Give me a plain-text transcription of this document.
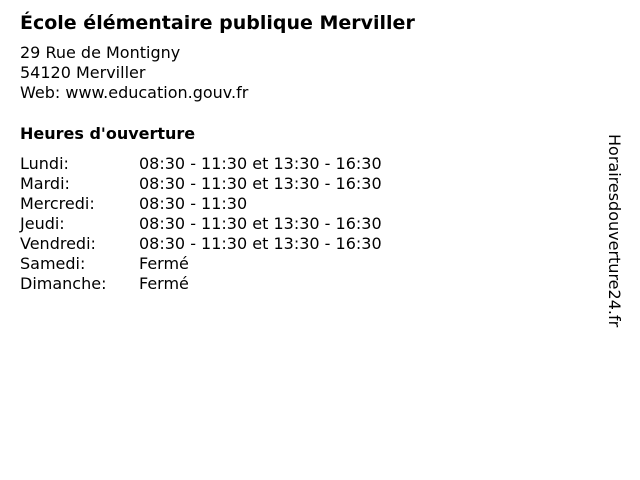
École élémentaire publique Merviller
29 Rue de Montigny
54120 Merviller
Web: www.education.gouv.fr
Heures d'ouverture
Lundi:	08:30 - 11:30 et 13:30 - 16:30
Mardi:	08:30 - 11:30 et 13:30 - 16:30
Mercredi:	08:30 - 11:30
Jeudi:	08:30 - 11:30 et 13:30 - 16:30
Vendredi:	08:30 - 11:30 et 13:30 - 16:30
Samedi:	Fermé
Dimanche: Fermé	Horairesdouverture24.fr
